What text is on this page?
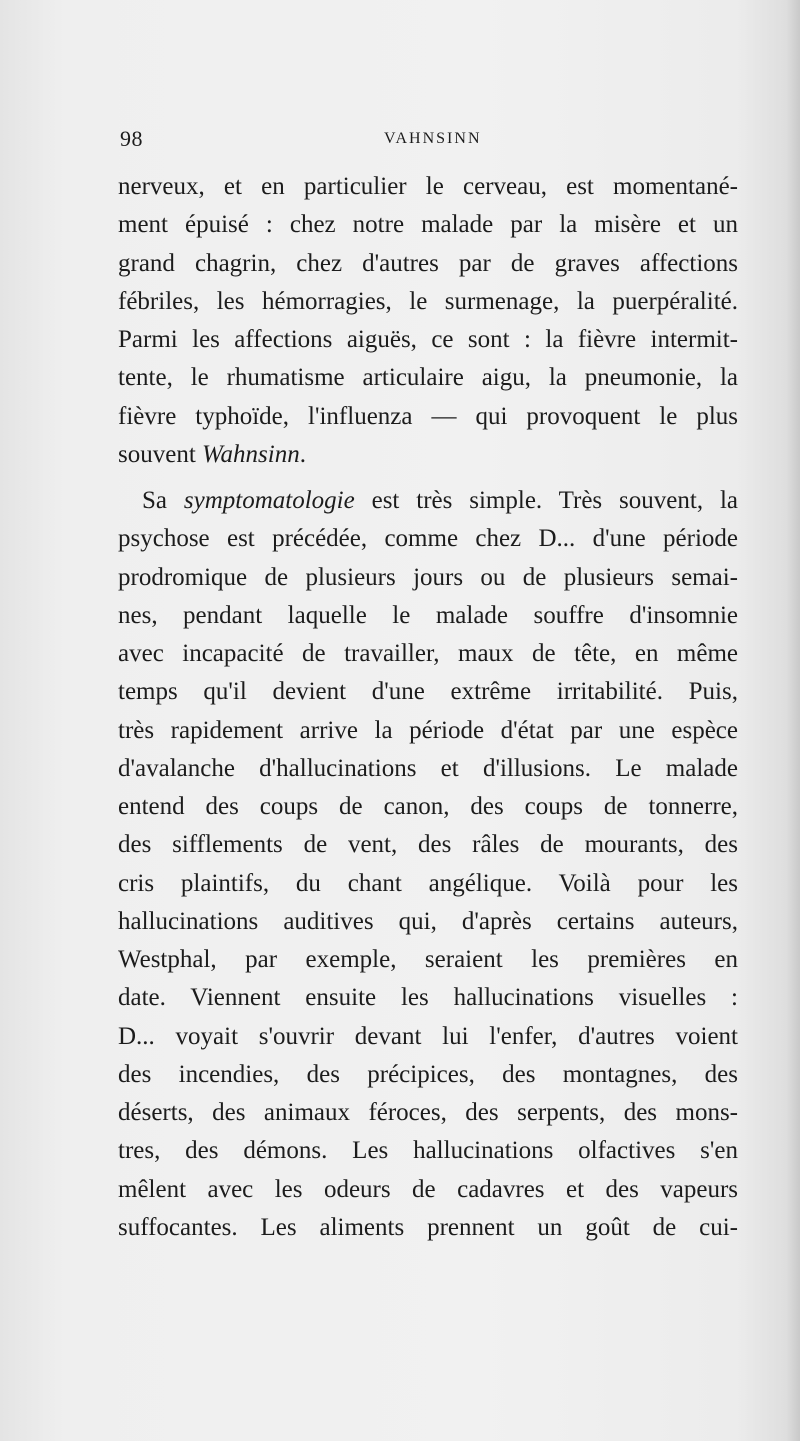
98	VAHNSINN
nerveux, et en particulier le cerveau, est momentané-
ment épuisé : chez notre malade par la misère et un
grand chagrin, chez d'autres par de graves affections
fébriles, les hémorragies, le surmenage, la puerpéralité.
Parmi les affections aiguës, ce sont : la fièvre intermit-
tente, le rhumatisme articulaire aigu, la pneumonie, la
fièvre typhoïde, l'influenza — qui provoquent le plus
souvent Wahnsinn.
Sa symptomatologie est très simple. Très souvent, la
psychose est précédée, comme chez D... d'une période
prodromique de plusieurs jours ou de plusieurs semai-
nes, pendant laquelle le malade souffre d'insomnie
avec incapacité de travailler, maux de tête, en même
temps qu'il devient d'une extrême irritabilité. Puis,
très rapidement arrive la période d'état par une espèce
d'avalanche d'hallucinations et d'illusions. Le malade
entend des coups de canon, des coups de tonnerre,
des sifflements de vent, des râles de mourants, des
cris plaintifs, du chant angélique. Voilà pour les
hallucinations auditives qui, d'après certains auteurs,
Westphal, par exemple, seraient les premières en
date. Viennent ensuite les hallucinations visuelles :
D... voyait s'ouvrir devant lui l'enfer, d'autres voient
des incendies, des précipices, des montagnes, des
déserts, des animaux féroces, des serpents, des mons-
tres, des démons. Les hallucinations olfactives s'en
mêlent avec les odeurs de cadavres et des vapeurs
suffocantes. Les aliments prennent un goût de cui-
